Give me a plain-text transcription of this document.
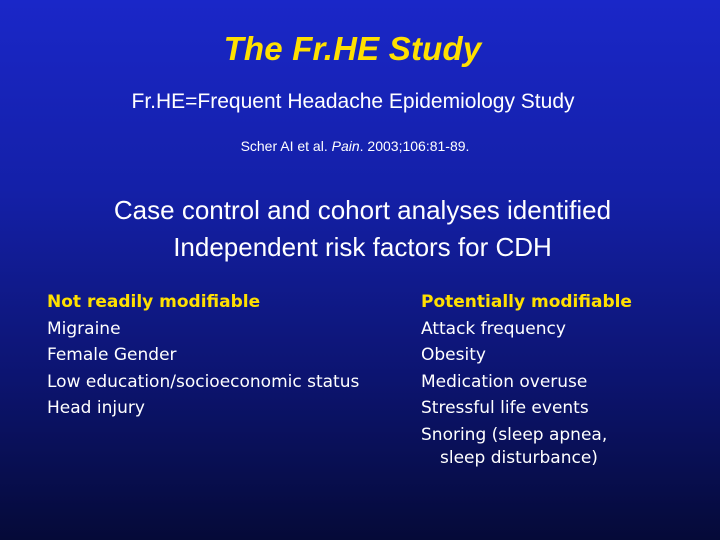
The Fr.HE Study
Fr.HE=Frequent Headache Epidemiology Study
Scher AI et al. Pain. 2003;106:81-89.
Case control and cohort analyses identified
Independent risk factors for CDH
Not readily modifiable
Migraine
Female Gender
Low education/socioeconomic status
Head injury
Potentially modifiable
Attack frequency
Obesity
Medication overuse
Stressful life events
Snoring (sleep apnea,
sleep disturbance)
